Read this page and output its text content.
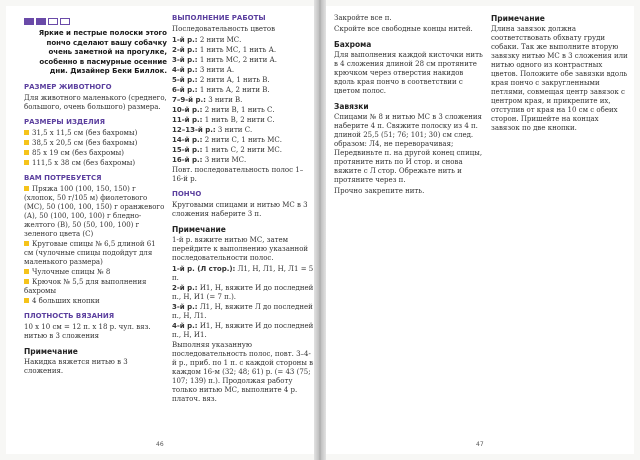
Яркие и пестрые полоски этого пончо сделают вашу собачку очень заметной на прогулке, особенно в пасмурные осенние дни. Дизайнер Беки Биллок.
РАЗМЕР ЖИВОТНОГО

Для животного маленького (среднего, большого, очень большого) размера.

РАЗМЕРЫ ИЗДЕЛИЯ
31,5 х 11,5 см (без бахромы)
38,5 х 20,5 см (без бахромы)
85 х 19 см (без бахромы)
111,5 х 38 см (без бахромы)
ВАМ ПОТРЕБУЕТСЯ
Пряжа 100 (100, 150, 150) г (хлопок, 50 г/105 м) фиолетового (МС), 50 (100, 100, 150) г оранжевого (А), 50 (100, 100, 100) г бледно-желтого (В), 50 (50, 100, 100) г зеленого цвета (С)
Круговые спицы № 6,5 длиной 61 см (чулочные спицы подойдут для маленького размера)
Чулочные спицы № 8
Крючок № 5,5 для выполнения бахромы
4 больших кнопки
ПЛОТНОСТЬ ВЯЗАНИЯ

10 х 10 см = 12 п. х 18 р. чул. вяз. нитью в 3 сложения

Примечание

Накидка вяжется нитью в 3 сложения.

ВЫПОЛНЕНИЕ РАБОТЫ

Последовательность цветов

1-й р.: 2 нити МС.
2-й р.: 1 нить МС, 1 нить А.
3-й р.: 1 нить МС, 2 нити А.
4-й р.: 3 нити А.
5-й р.: 2 нити А, 1 нить В.
6-й р.: 1 нить А, 2 нити В.
7–9-й р.: 3 нити В.
10-й р.: 2 нити В, 1 нить С.
11-й р.: 1 нить В, 2 нити С.
12–13-й р.: 3 нити С.
14-й р.: 2 нити С, 1 нить МС.
15-й р.: 1 нить С, 2 нити МС.
16-й р.: 3 нити МС.

Повт. последовательность полос 1–16-й р.

ПОНЧО

Круговыми спицами и нитью МС в 3 сложения наберите 3 п.

Примечание

1-й р. вяжите нитью МС, затем перейдите к выполнению указанной последовательности полос.

1-й р. (Л стор.): Л1, Н, Л1, Н, Л1 = 5 п.
2-й р.: И1, Н, вяжите И до последней п., Н, И1 (= 7 п.).
3-й р.: Л1, Н, вяжите Л до последней п., Н, Л1.
4-й р.: И1, Н, вяжите И до последней п., Н, И1.

Выполняя указанную последовательность полос, повт. 3–4-й р., приб. по 1 п. с каждой стороны в каждом 16-м (32; 48; 61) р. (= 43 (75; 107; 139) п.). Продолжая работу только нитью МС, выполните 4 р. платоч. вяз.

46

Закройте все п.

Скройте все свободные концы нитей.

Бахрома

Для выполнения каждой кисточки нить в 4 сложения длиной 28 см протяните крючком через отверстия накидов вдоль края пончо в соответствии с цветом полос.

Завязки

Спицами № 8 и нитью МС в 3 сложения наберите 4 п. Свяжите полоску из 4 п. длиной 25,5 (51; 76; 101; 30) см след. образом: Л4, не переворачивая; Передвиньте п. на другой конец спицы, протяните нить по И стор. и снова вяжите с Л стор. Обрежьте нить и протяните через п.

Прочно закрепите нить.

Примечание

Длина завязок должна соответствовать обхвату груди собаки. Так же выполните вторую завязку нитью МС в 3 сложения или нитью одного из контрастных цветов. Положите обе завязки вдоль края пончо с закругленными петлями, совмещая центр завязок с центром края, и прикрепите их, отступив от края на 10 см с обеих сторон. Пришейте на концах завязок по две кнопки.

47
